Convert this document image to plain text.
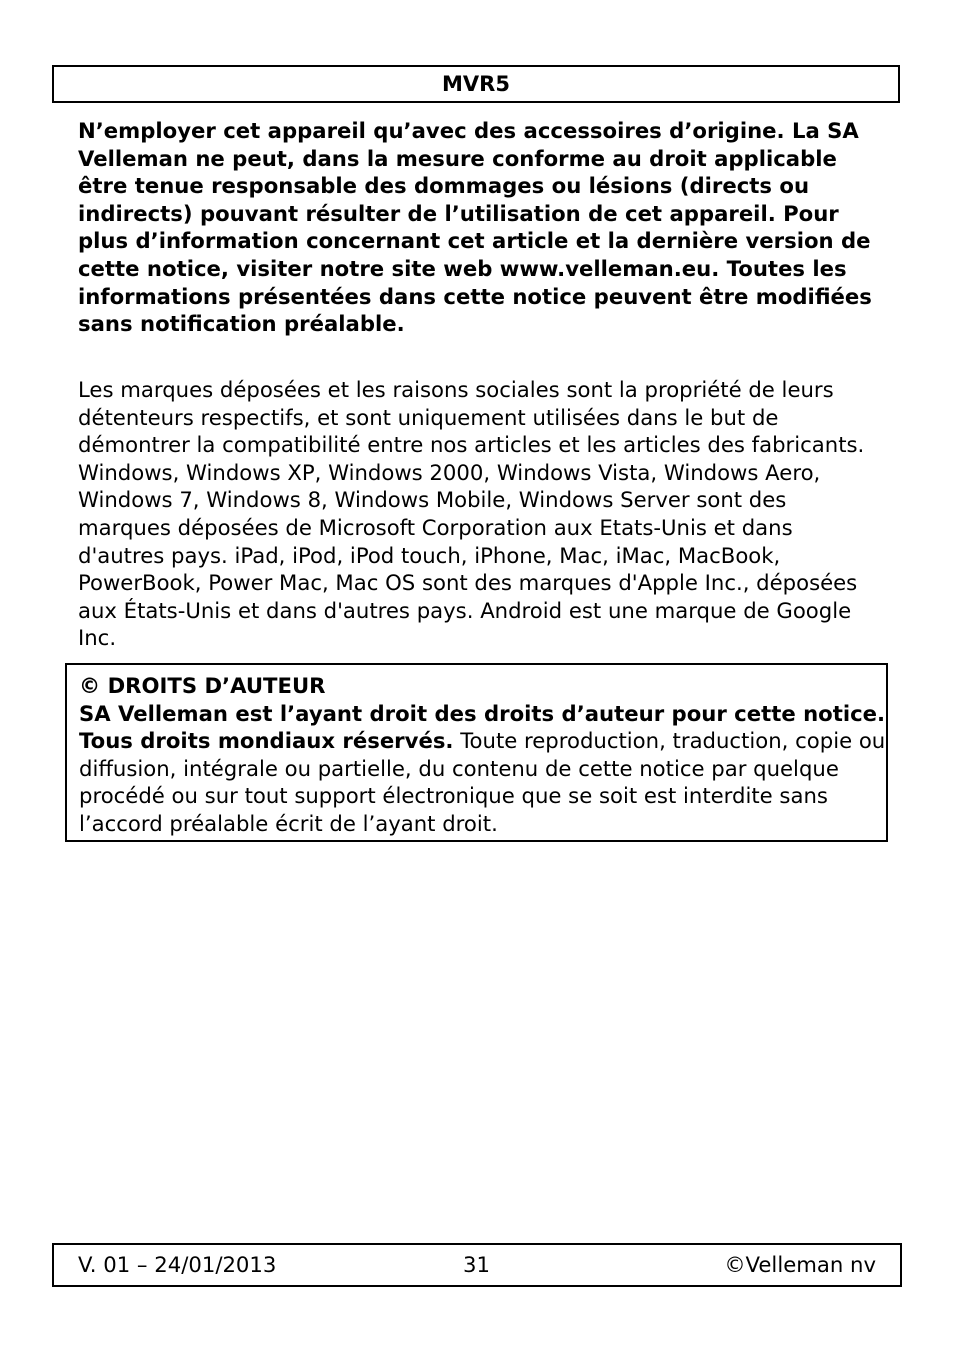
MVR5

N’employer cet appareil qu’avec des accessoires d’origine. La SA Velleman ne peut, dans la mesure conforme au droit applicable être tenue responsable des dommages ou lésions (directs ou indirects) pouvant résulter de l’utilisation de cet appareil. Pour plus d’information concernant cet article et la dernière version de cette notice, visiter notre site web www.velleman.eu. Toutes les informations présentées dans cette notice peuvent être modifiées sans notification préalable.

Les marques déposées et les raisons sociales sont la propriété de leurs détenteurs respectifs, et sont uniquement utilisées dans le but de démontrer la compatibilité entre nos articles et les articles des fabricants. Windows, Windows XP, Windows 2000, Windows Vista, Windows Aero, Windows 7, Windows 8, Windows Mobile, Windows Server sont des marques déposées de Microsoft Corporation aux Etats-Unis et dans d'autres pays. iPad, iPod, iPod touch, iPhone, Mac, iMac, MacBook, PowerBook, Power Mac, Mac OS sont des marques d'Apple Inc., déposées aux États-Unis et dans d'autres pays. Android est une marque de Google Inc.

© DROITS D’AUTEUR
SA Velleman est l’ayant droit des droits d’auteur pour cette notice. Tous droits mondiaux réservés. Toute reproduction, traduction, copie ou diffusion, intégrale ou partielle, du contenu de cette notice par quelque procédé ou sur tout support électronique que se soit est interdite sans l’accord préalable écrit de l’ayant droit.
V. 01 – 24/01/2013	31	©Velleman nv
